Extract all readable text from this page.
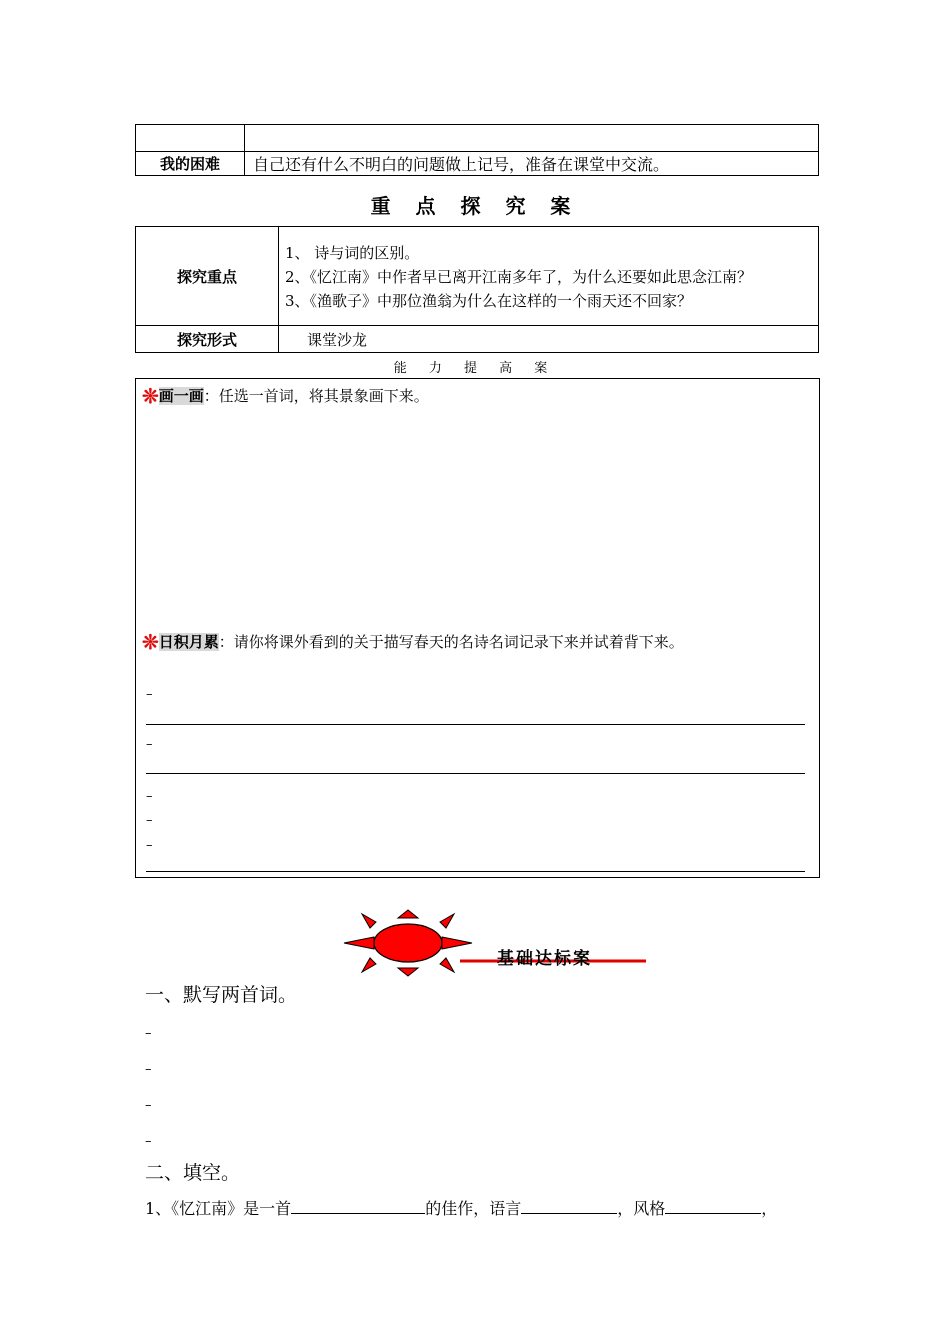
我的困难	自己还有什么不明白的问题做上记号，准备在课堂中交流。
重 点 探 究 案
探究重点	1、 诗与词的区别。
2、《忆江南》中作者早已离开江南多年了，为什么还要如此思念江南？
3、《渔歌子》中那位渔翁为什么在这样的一个雨天还不回家？

探究形式	课堂沙龙
能 力 提 高 案
❊画一画：任选一首词，将其景象画下来。
❊日积月累：请你将课外看到的关于描写春天的名诗名词记录下来并试着背下来。
–
–
–
–
–
基础达标案
一、默写两首词。
–
–
–
–
二、填空。
1、《忆江南》是一首	的佳作，语言	，风格	，
